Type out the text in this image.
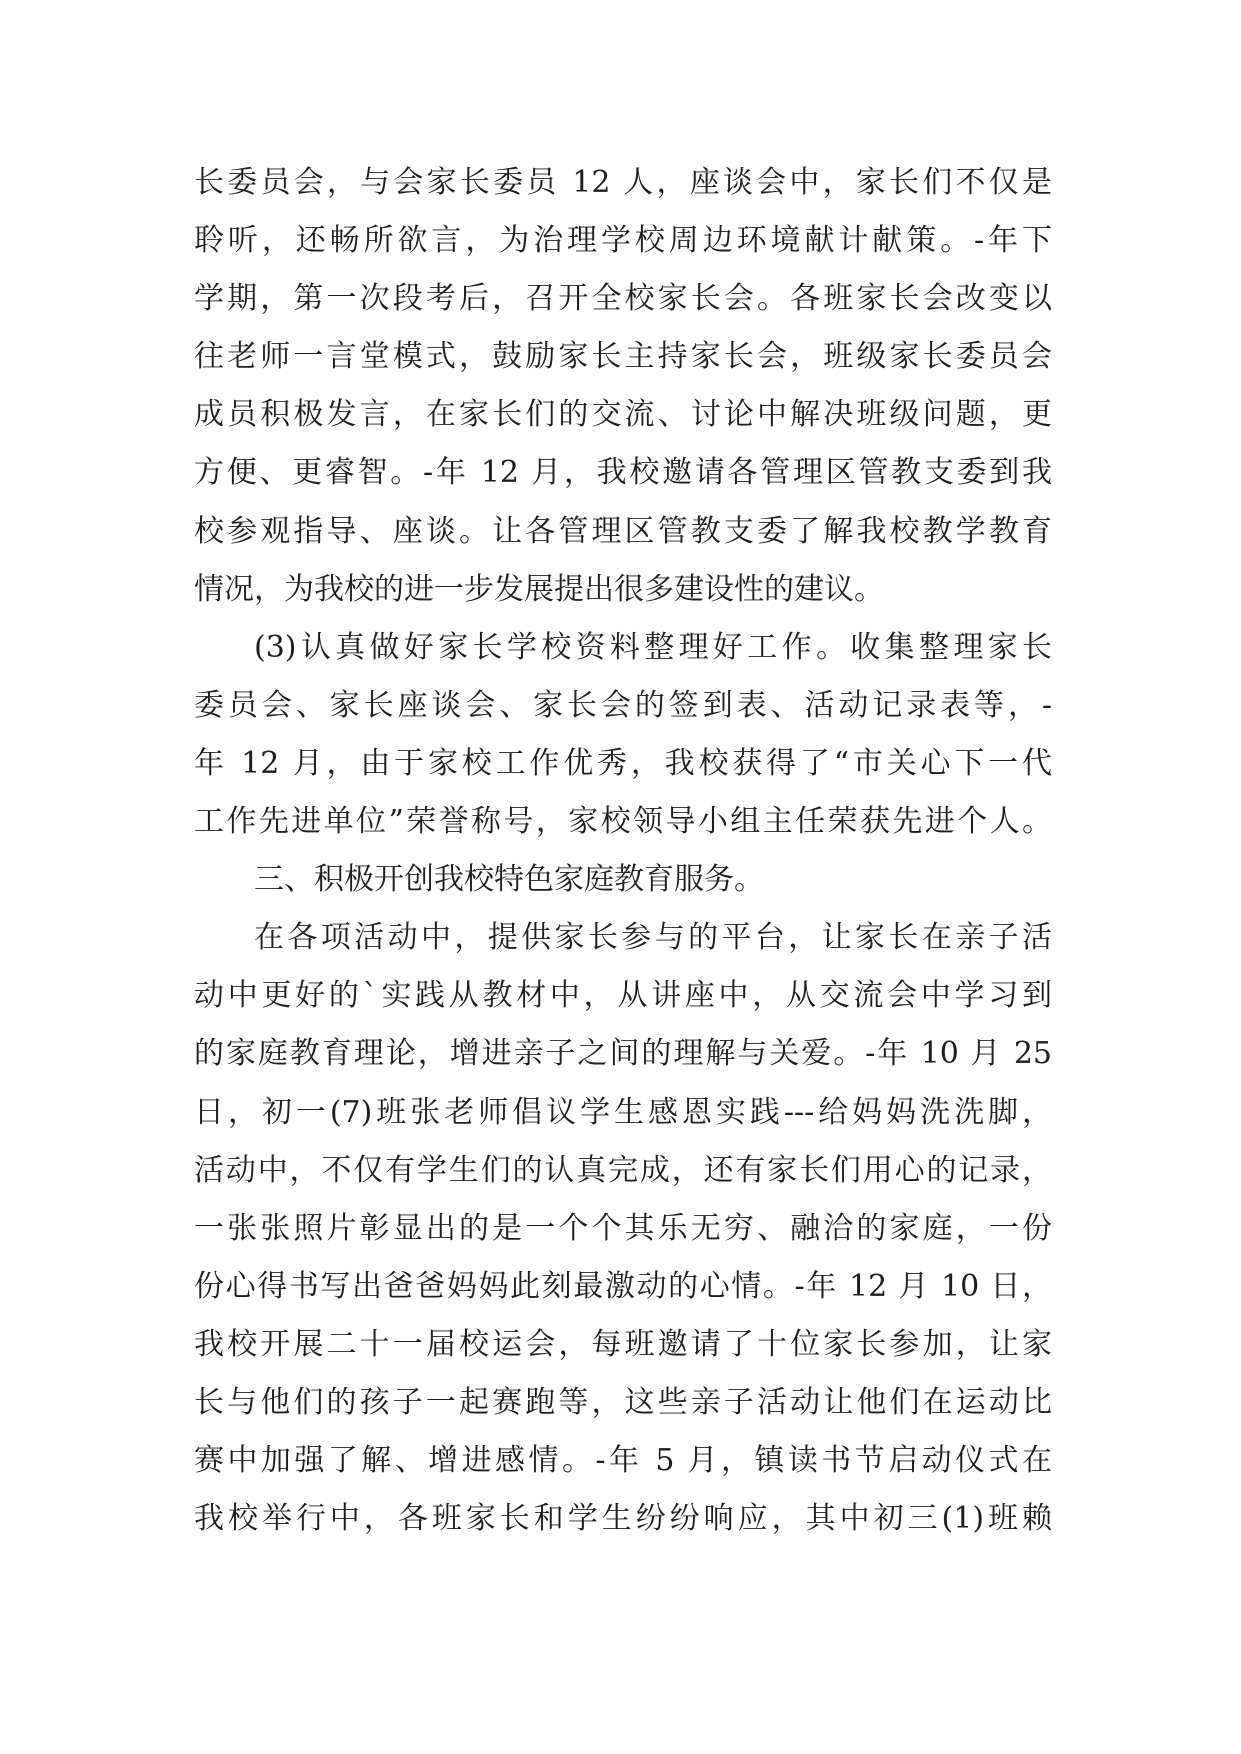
长委员会，与会家长委员 12 人，座谈会中，家长们不仅是
聆听，还畅所欲言，为治理学校周边环境献计献策。-年下
学期，第一次段考后，召开全校家长会。各班家长会改变以
往老师一言堂模式，鼓励家长主持家长会，班级家长委员会
成员积极发言，在家长们的交流、讨论中解决班级问题，更
方便、更睿智。-年 12 月，我校邀请各管理区管教支委到我
校参观指导、座谈。让各管理区管教支委了解我校教学教育
情况，为我校的进一步发展提出很多建设性的建议。
(3)认真做好家长学校资料整理好工作。收集整理家长
委员会、家长座谈会、家长会的签到表、活动记录表等，-
年 12 月，由于家校工作优秀，我校获得了“市关心下一代
工作先进单位”荣誉称号，家校领导小组主任荣获先进个人。
三、积极开创我校特色家庭教育服务。
在各项活动中，提供家长参与的平台，让家长在亲子活
动中更好的`实践从教材中，从讲座中，从交流会中学习到
的家庭教育理论，增进亲子之间的理解与关爱。-年 10 月 25
日，初一(7)班张老师倡议学生感恩实践---给妈妈洗洗脚，
活动中，不仅有学生们的认真完成，还有家长们用心的记录，
一张张照片彰显出的是一个个其乐无穷、融洽的家庭，一份
份心得书写出爸爸妈妈此刻最激动的心情。-年 12 月 10 日，
我校开展二十一届校运会，每班邀请了十位家长参加，让家
长与他们的孩子一起赛跑等，这些亲子活动让他们在运动比
赛中加强了解、增进感情。-年 5 月，镇读书节启动仪式在
我校举行中，各班家长和学生纷纷响应，其中初三(1)班赖
